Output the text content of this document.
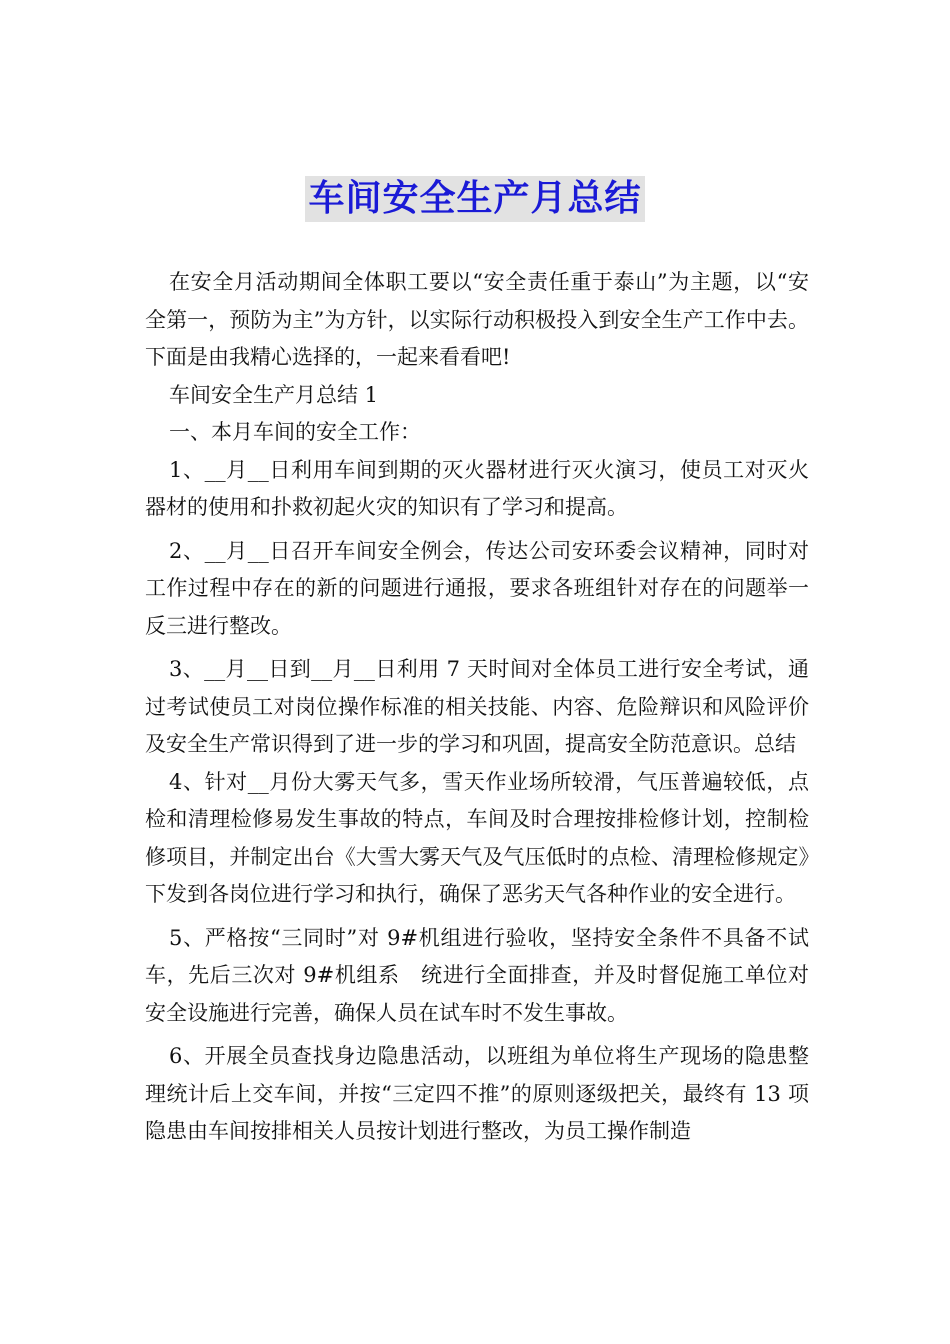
车间安全生产月总结

在安全月活动期间全体职工要以“安全责任重于泰山”为主题，以“安全第一，预防为主”为方针，以实际行动积极投入到安全生产工作中去。下面是由我精心选择的，一起来看看吧!

车间安全生产月总结 1

一、本月车间的安全工作：

1、__月__日利用车间到期的灭火器材进行灭火演习，使员工对灭火器材的使用和扑救初起火灾的知识有了学习和提高。

2、__月__日召开车间安全例会，传达公司安环委会议精神，同时对工作过程中存在的新的问题进行通报，要求各班组针对存在的问题举一反三进行整改。

3、__月__日到__月__日利用 7 天时间对全体员工进行安全考试，通过考试使员工对岗位操作标准的相关技能、内容、危险辩识和风险评价及安全生产常识得到了进一步的学习和巩固，提高安全防范意识。总结

4、针对__月份大雾天气多，雪天作业场所较滑，气压普遍较低，点检和清理检修易发生事故的特点，车间及时合理按排检修计划，控制检修项目，并制定出台《大雪大雾天气及气压低时的点检、清理检修规定》下发到各岗位进行学习和执行，确保了恶劣天气各种作业的安全进行。

5、严格按“三同时”对 9#机组进行验收，坚持安全条件不具备不试车，先后三次对 9#机组系　统进行全面排查，并及时督促施工单位对安全设施进行完善，确保人员在试车时不发生事故。

6、开展全员查找身边隐患活动，以班组为单位将生产现场的隐患整理统计后上交车间，并按“三定四不推”的原则逐级把关，最终有 13 项隐患由车间按排相关人员按计划进行整改，为员工操作制造
